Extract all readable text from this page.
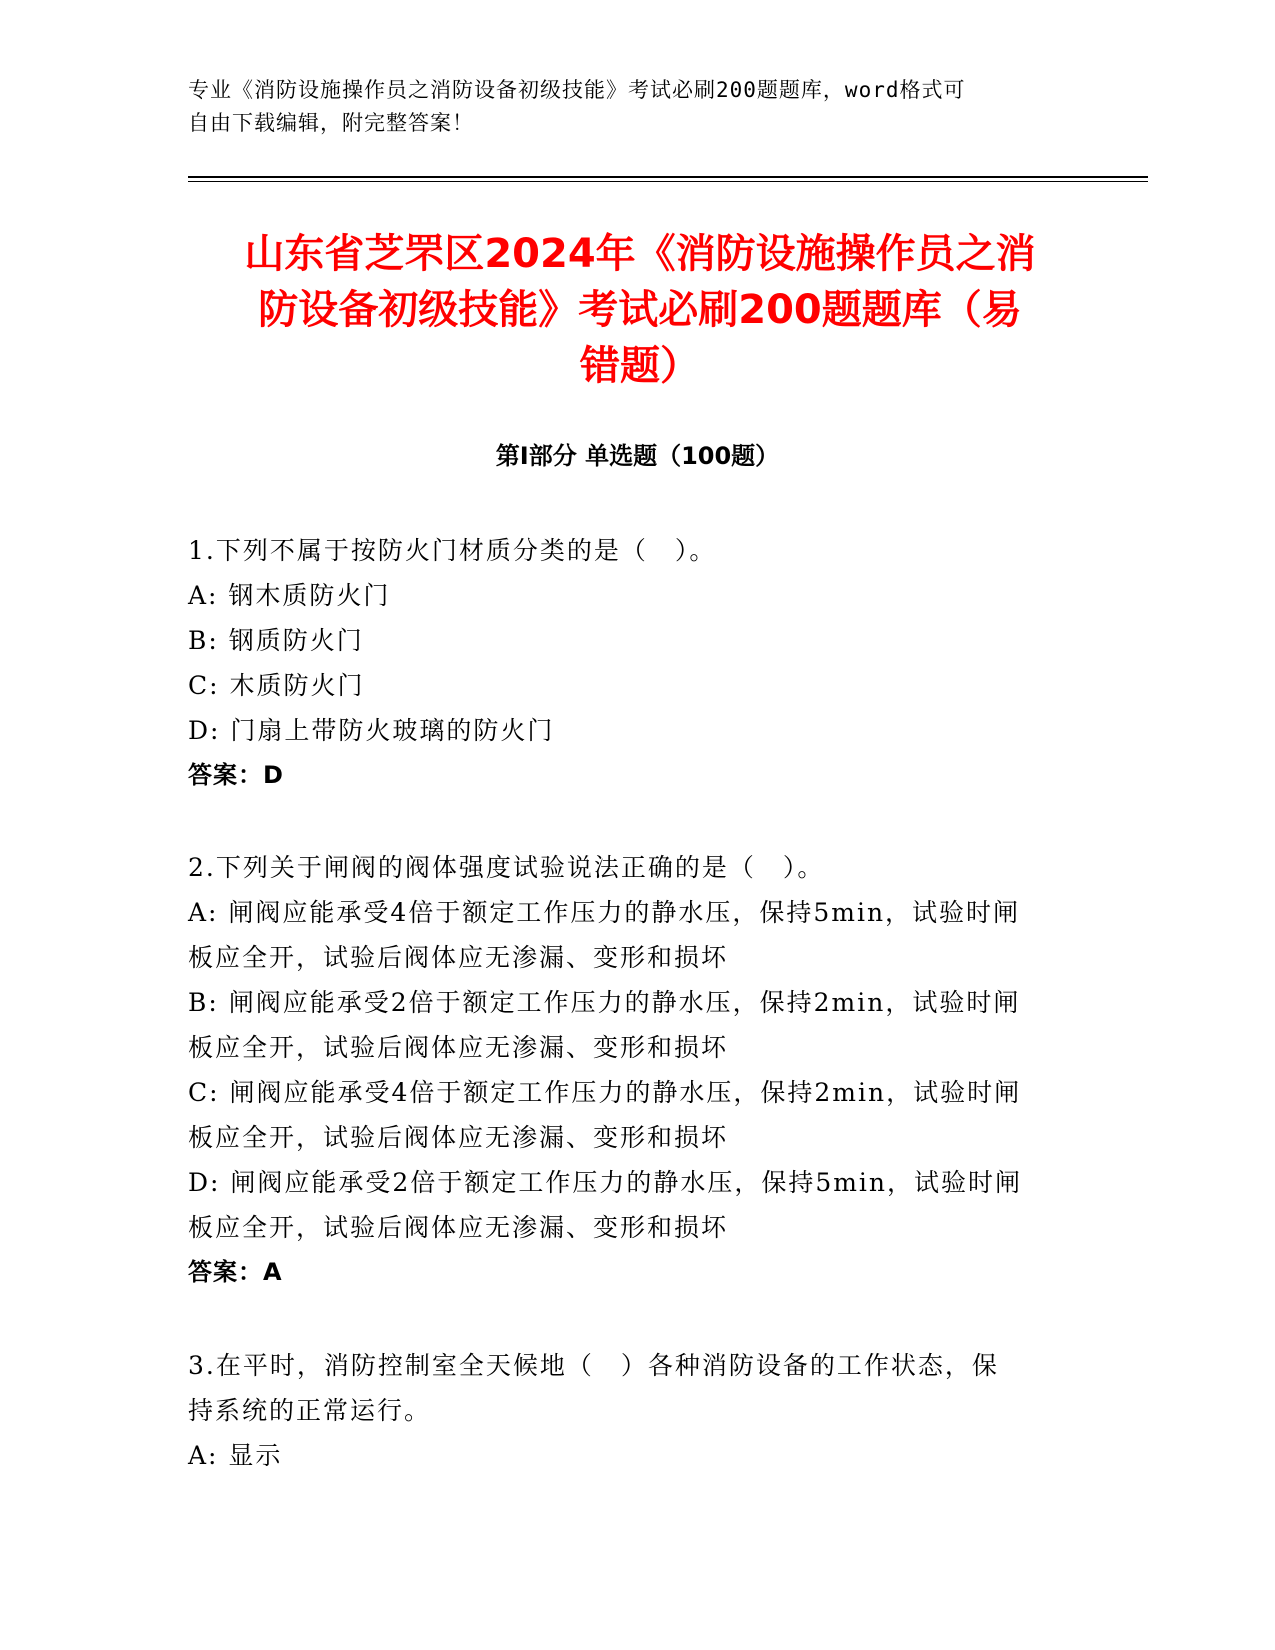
专业《消防设施操作员之消防设备初级技能》考试必刷200题题库，word格式可
自由下载编辑，附完整答案！
山东省芝罘区2024年《消防设施操作员之消
防设备初级技能》考试必刷200题题库（易
错题）
第I部分 单选题（100题）
1.下列不属于按防火门材质分类的是（　）。
A: 钢木质防火门
B: 钢质防火门
C: 木质防火门
D: 门扇上带防火玻璃的防火门
答案：D
2.下列关于闸阀的阀体强度试验说法正确的是（　）。
A: 闸阀应能承受4倍于额定工作压力的静水压，保持5min，试验时闸
板应全开，试验后阀体应无渗漏、变形和损坏
B: 闸阀应能承受2倍于额定工作压力的静水压，保持2min，试验时闸
板应全开，试验后阀体应无渗漏、变形和损坏
C: 闸阀应能承受4倍于额定工作压力的静水压，保持2min，试验时闸
板应全开，试验后阀体应无渗漏、变形和损坏
D: 闸阀应能承受2倍于额定工作压力的静水压，保持5min，试验时闸
板应全开，试验后阀体应无渗漏、变形和损坏
答案：A
3.在平时，消防控制室全天候地（　）各种消防设备的工作状态，保
持系统的正常运行。
A: 显示
